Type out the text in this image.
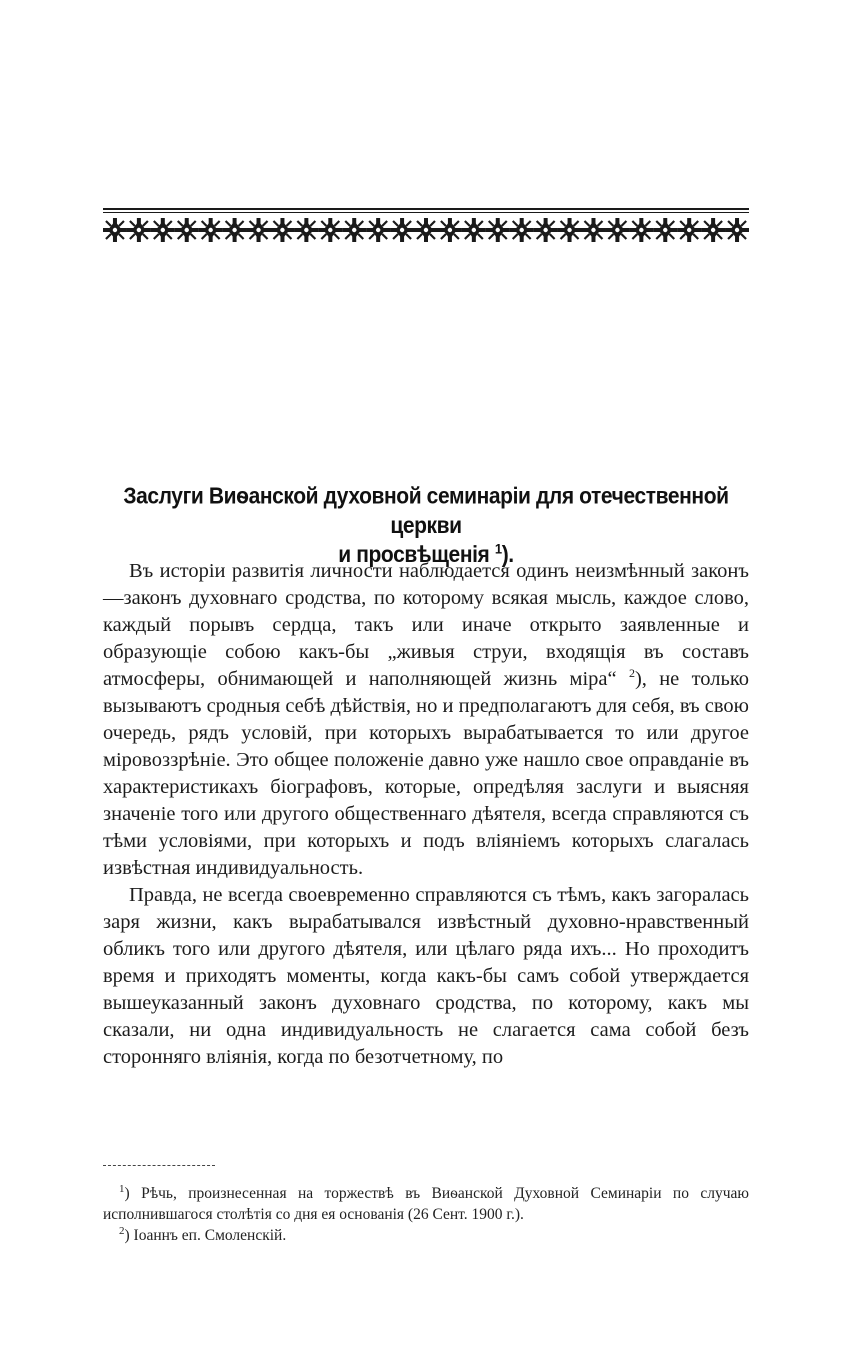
Заслуги Виѳанской духовной семинаріи для отечественной церкви
и просвѣщенія $^1$).

Въ исторіи развитія личности наблюдается одинъ неизмѣнный законъ—законъ духовнаго сродства, по которому всякая мысль, каждое слово, каждый порывъ сердца, такъ или иначе открыто заявленные и образующіе собою какъ-бы „живыя струи, входящія въ составъ атмосферы, обнимающей и наполняющей жизнь міра“ $^2$), не только вызываютъ сродныя себѣ дѣйствія, но и предполагаютъ для себя, въ свою очередь, рядъ условій, при которыхъ вырабатывается то или другое міровоззрѣніе. Это общее положеніе давно уже нашло свое оправданіе въ характеристикахъ біографовъ, которые, опредѣляя заслуги и выясняя значеніе того или другого общественнаго дѣятеля, всегда справляются съ тѣми условіями, при которыхъ и подъ вліяніемъ которыхъ слагалась извѣстная индивидуальность.

Правда, не всегда своевременно справляются съ тѣмъ, какъ загоралась заря жизни, какъ вырабатывался извѣстный духовно-нравственный обликъ того или другого дѣятеля, или цѣлаго ряда ихъ... Но проходитъ время и приходятъ моменты, когда какъ-бы самъ собой утверждается вышеуказанный законъ духовнаго сродства, по которому, какъ мы сказали, ни одна индивидуальность не слагается сама собой безъ сторонняго вліянія, когда по безотчетному, по

$^1$) Рѣчь, произнесенная на торжествѣ въ Виѳанской Духовной Семинаріи по случаю исполнившагося столѣтія со дня ея основанія (26 Сент. 1900 г.).

$^2$) Іоаннъ еп. Смоленскій.
